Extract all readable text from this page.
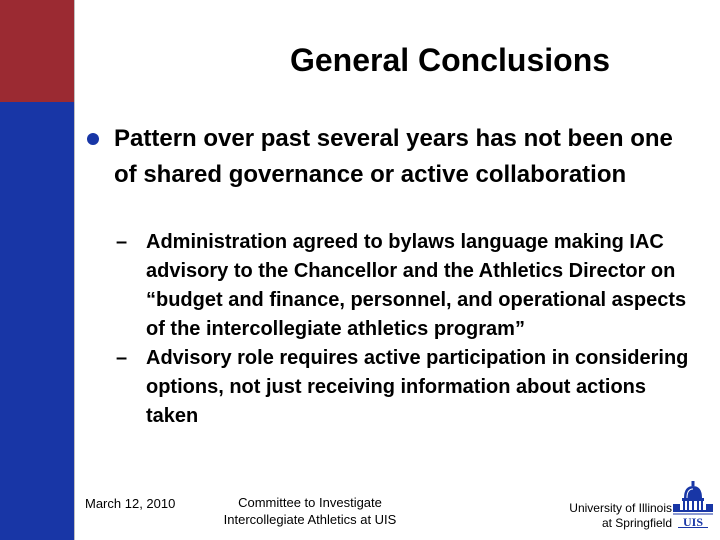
General Conclusions
Pattern over past several years has not been one of shared governance or active collaboration
– Administration agreed to bylaws language making IAC advisory to the Chancellor and the Athletics Director on “budget and finance, personnel, and operational aspects of the intercollegiate athletics program”
– Advisory role requires active participation in considering options, not just receiving information about actions taken
March 12, 2010	Committee to Investigate
Intercollegiate Athletics at UIS
University of Illinois
at Springfield UIS
